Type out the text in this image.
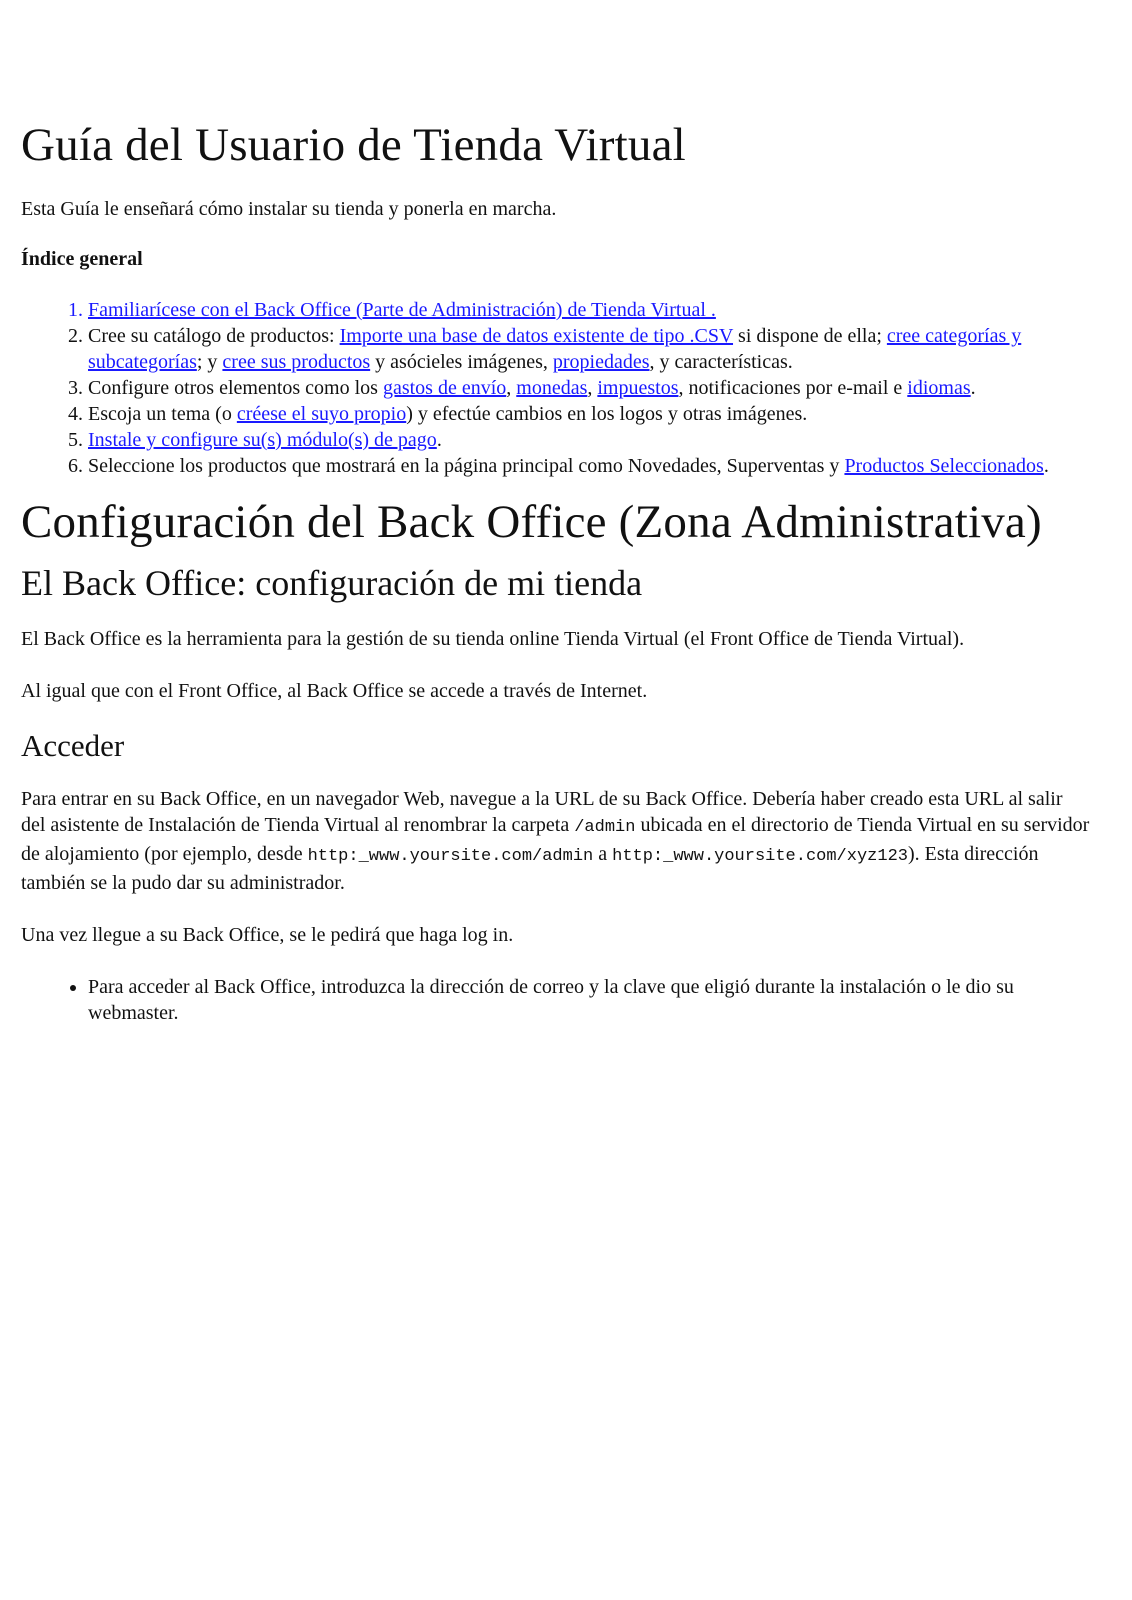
Guía del Usuario de Tienda Virtual

Esta Guía le enseñará cómo instalar su tienda y ponerla en marcha.

Índice general
1. Familiarícese con el Back Office (Parte de Administración) de Tienda Virtual .
2. Cree su catálogo de productos: Importe una base de datos existente de tipo .CSV si dispone de ella; cree categorías y subcategorías; y cree sus productos y asócieles imágenes, propiedades, y características.
3. Configure otros elementos como los gastos de envío, monedas, impuestos, notificaciones por e-mail e idiomas.
4. Escoja un tema (o créese el suyo propio) y efectúe cambios en los logos y otras imágenes.
5. Instale y configure su(s) módulo(s) de pago.
6. Seleccione los productos que mostrará en la página principal como Novedades, Superventas y Productos Seleccionados.
Configuración del Back Office (Zona Administrativa)
El Back Office: configuración de mi tienda

El Back Office es la herramienta para la gestión de su tienda online Tienda Virtual (el Front Office de Tienda Virtual).

Al igual que con el Front Office, al Back Office se accede a través de Internet.

Acceder

Para entrar en su Back Office, en un navegador Web, navegue a la URL de su Back Office. Debería haber creado esta URL al salir del asistente de Instalación de Tienda Virtual al renombrar la carpeta /admin ubicada en el directorio de Tienda Virtual en su servidor de alojamiento (por ejemplo, desde http:_www.yoursite.com/admin a http:_www.yoursite.com/xyz123). Esta dirección también se la pudo dar su administrador.

Una vez llegue a su Back Office, se le pedirá que haga log in.

• Para acceder al Back Office, introduzca la dirección de correo y la clave que eligió durante la instalación o le dio su webmaster.
